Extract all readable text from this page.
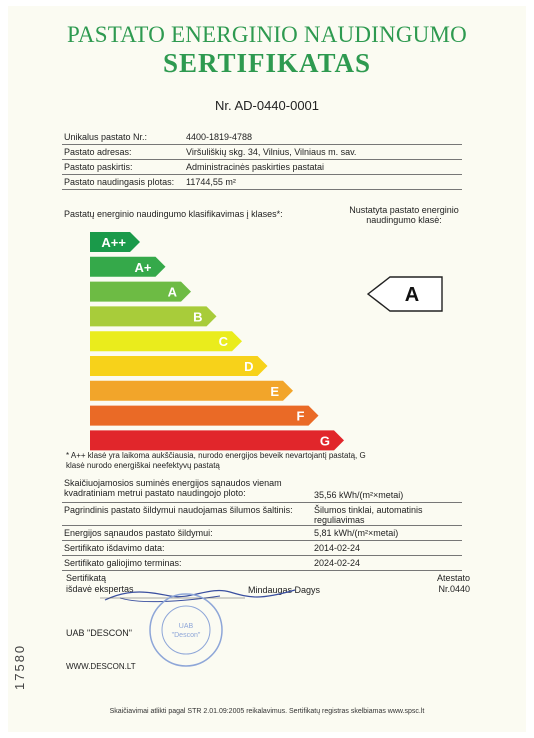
PASTATO ENERGINIO NAUDINGUMO
SERTIFIKATAS
Nr. AD-0440-0001
Unikalus pastato Nr.:	4400-1819-4788
Pastato adresas:	Viršuliškių skg. 34, Vilnius, Vilniaus m. sav.
Pastato paskirtis:	Administracinės paskirties pastatai
Pastato naudingasis plotas: 11744,55 m²
Pastatų energinio naudingumo klasifikavimas į klases*:	Nustatyta pastato energinio naudingumo klasė:
A++
A+
A
B
C
D
E
F
G
A
* A++ klasė yra laikoma aukščiausia, nurodo energijos beveik nevartojantį pastatą, G klasė nurodo energiškai neefektyvų pastatą
Skaičiuojamosios suminės energijos sąnaudos vienam kvadratiniam metrui pastato naudingojo ploto:	35,56 kWh/(m²×metai)
Pagrindinis pastato šildymui naudojamas šilumos šaltinis: Šilumos tinklai, automatinis reguliavimas
Energijos sąnaudos pastato šildymui:	5,81 kWh/(m²×metai)
Sertifikato išdavimo data:	2014-02-24
Sertifikato galiojimo terminas:	2024-02-24
Sertifikatą
išdavė ekspertas	Mindaugas Dagys
Atestato
Nr.0440
UAB
"Descon"
UAB "DESCON"
WWW.DESCON.LT
17580
Skaičiavimai atlikti pagal STR 2.01.09:2005 reikalavimus. Sertifikatų registras skelbiamas www.spsc.lt
